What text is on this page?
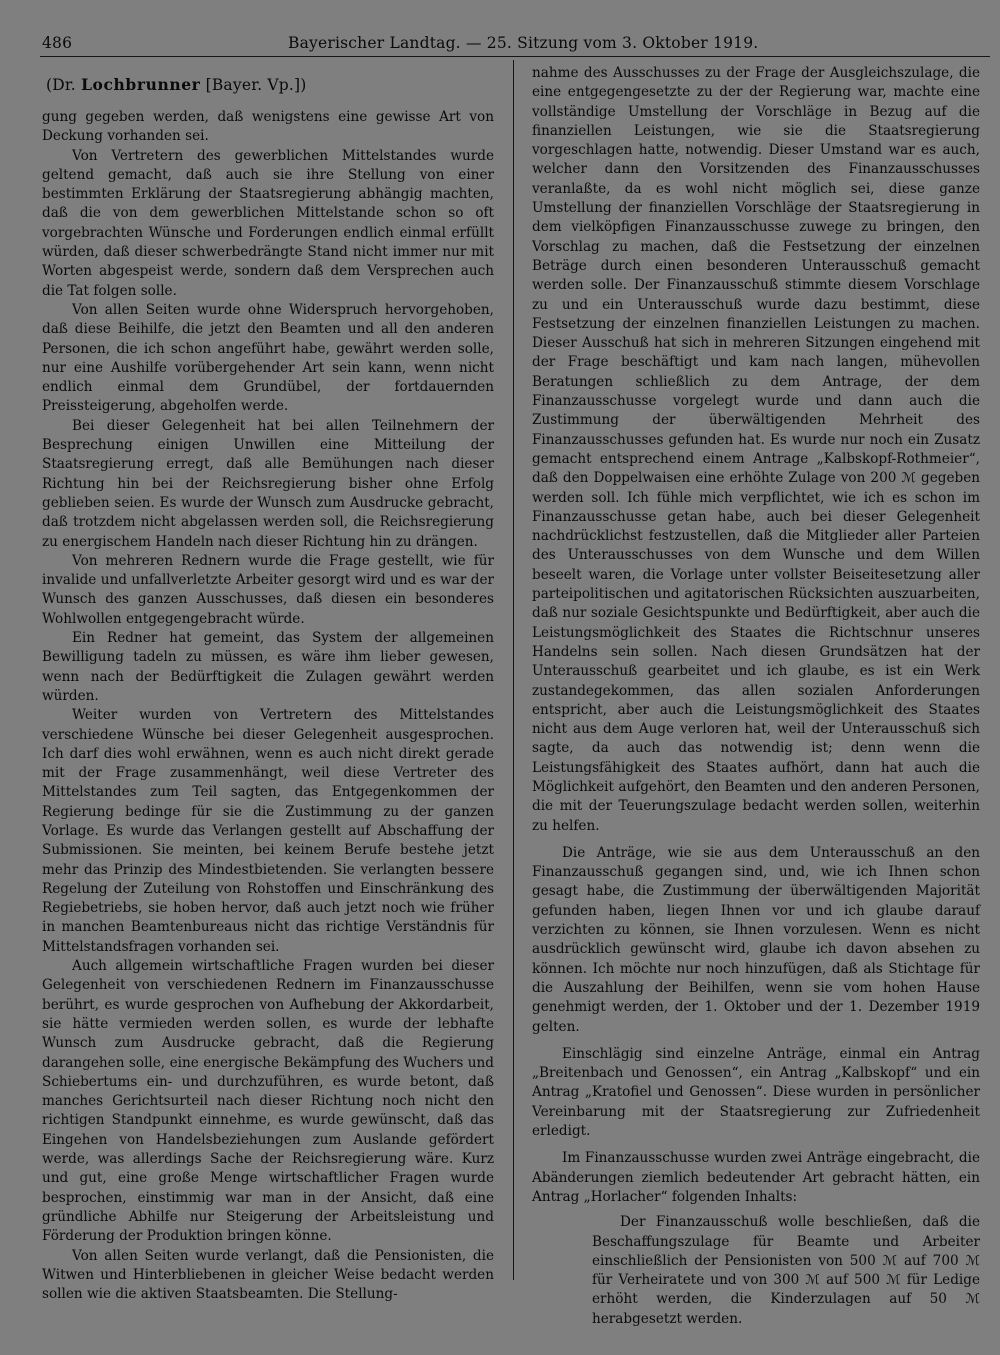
486	Bayerischer Landtag. — 25. Sitzung vom 3. Oktober 1919.
(Dr. Lochbrunner [Bayer. Vp.])

gung gegeben werden, daß wenigstens eine gewisse Art von Deckung vorhanden sei.

Von Vertretern des gewerblichen Mittelstandes wurde geltend gemacht, daß auch sie ihre Stellung von einer bestimmten Erklärung der Staatsregierung abhängig machten, daß die von dem gewerblichen Mittelstande schon so oft vorgebrachten Wünsche und Forderungen endlich einmal erfüllt würden, daß dieser schwerbedrängte Stand nicht immer nur mit Worten abgespeist werde, sondern daß dem Versprechen auch die Tat folgen solle.

Von allen Seiten wurde ohne Widerspruch hervorgehoben, daß diese Beihilfe, die jetzt den Beamten und all den anderen Personen, die ich schon angeführt habe, gewährt werden solle, nur eine Aushilfe vorübergehender Art sein kann, wenn nicht endlich einmal dem Grundübel, der fortdauernden Preissteigerung, abgeholfen werde.

Bei dieser Gelegenheit hat bei allen Teilnehmern der Besprechung einigen Unwillen eine Mitteilung der Staatsregierung erregt, daß alle Bemühungen nach dieser Richtung hin bei der Reichsregierung bisher ohne Erfolg geblieben seien. Es wurde der Wunsch zum Ausdrucke gebracht, daß trotzdem nicht abgelassen werden soll, die Reichsregierung zu energischem Handeln nach dieser Richtung hin zu drängen.

Von mehreren Rednern wurde die Frage gestellt, wie für invalide und unfallverletzte Arbeiter gesorgt wird und es war der Wunsch des ganzen Ausschusses, daß diesen ein besonderes Wohlwollen entgegengebracht würde.

Ein Redner hat gemeint, das System der allgemeinen Bewilligung tadeln zu müssen, es wäre ihm lieber gewesen, wenn nach der Bedürftigkeit die Zulagen gewährt werden würden.

Weiter wurden von Vertretern des Mittelstandes verschiedene Wünsche bei dieser Gelegenheit ausgesprochen. Ich darf dies wohl erwähnen, wenn es auch nicht direkt gerade mit der Frage zusammenhängt, weil diese Vertreter des Mittelstandes zum Teil sagten, das Entgegenkommen der Regierung bedinge für sie die Zustimmung zu der ganzen Vorlage. Es wurde das Verlangen gestellt auf Abschaffung der Submissionen. Sie meinten, bei keinem Berufe bestehe jetzt mehr das Prinzip des Mindestbietenden. Sie verlangten bessere Regelung der Zuteilung von Rohstoffen und Einschränkung des Regiebetriebs, sie hoben hervor, daß auch jetzt noch wie früher in manchen Beamtenbureaus nicht das richtige Verständnis für Mittelstandsfragen vorhanden sei.

Auch allgemein wirtschaftliche Fragen wurden bei dieser Gelegenheit von verschiedenen Rednern im Finanzausschusse berührt, es wurde gesprochen von Aufhebung der Akkordarbeit, sie hätte vermieden werden sollen, es wurde der lebhafte Wunsch zum Ausdrucke gebracht, daß die Regierung darangehen solle, eine energische Bekämpfung des Wuchers und Schiebertums ein- und durchzuführen, es wurde betont, daß manches Gerichtsurteil nach dieser Richtung noch nicht den richtigen Standpunkt einnehme, es wurde gewünscht, daß das Eingehen von Handelsbeziehungen zum Auslande gefördert werde, was allerdings Sache der Reichsregierung wäre. Kurz und gut, eine große Menge wirtschaftlicher Fragen wurde besprochen, einstimmig war man in der Ansicht, daß eine gründliche Abhilfe nur Steigerung der Arbeitsleistung und Förderung der Produktion bringen könne.

Von allen Seiten wurde verlangt, daß die Pensionisten, die Witwen und Hinterbliebenen in gleicher Weise bedacht werden sollen wie die aktiven Staatsbeamten. Die Stellung-

nahme des Ausschusses zu der Frage der Ausgleichszulage, die eine entgegengesetzte zu der der Regierung war, machte eine vollständige Umstellung der Vorschläge in Bezug auf die finanziellen Leistungen, wie sie die Staatsregierung vorgeschlagen hatte, notwendig. Dieser Umstand war es auch, welcher dann den Vorsitzenden des Finanzausschusses veranlaßte, da es wohl nicht möglich sei, diese ganze Umstellung der finanziellen Vorschläge der Staatsregierung in dem vielköpfigen Finanzausschusse zuwege zu bringen, den Vorschlag zu machen, daß die Festsetzung der einzelnen Beträge durch einen besonderen Unterausschuß gemacht werden solle. Der Finanzausschuß stimmte diesem Vorschlage zu und ein Unterausschuß wurde dazu bestimmt, diese Festsetzung der einzelnen finanziellen Leistungen zu machen. Dieser Ausschuß hat sich in mehreren Sitzungen eingehend mit der Frage beschäftigt und kam nach langen, mühevollen Beratungen schließlich zu dem Antrage, der dem Finanzausschusse vorgelegt wurde und dann auch die Zustimmung der überwältigenden Mehrheit des Finanzausschusses gefunden hat. Es wurde nur noch ein Zusatz gemacht entsprechend einem Antrage „Kalbskopf-Rothmeier“, daß den Doppelwaisen eine erhöhte Zulage von 200 ℳ gegeben werden soll. Ich fühle mich verpflichtet, wie ich es schon im Finanzausschusse getan habe, auch bei dieser Gelegenheit nachdrücklichst festzustellen, daß die Mitglieder aller Parteien des Unterausschusses von dem Wunsche und dem Willen beseelt waren, die Vorlage unter vollster Beiseitesetzung aller parteipolitischen und agitatorischen Rücksichten auszuarbeiten, daß nur soziale Gesichtspunkte und Bedürftigkeit, aber auch die Leistungsmöglichkeit des Staates die Richtschnur unseres Handelns sein sollen. Nach diesen Grundsätzen hat der Unterausschuß gearbeitet und ich glaube, es ist ein Werk zustandegekommen, das allen sozialen Anforderungen entspricht, aber auch die Leistungsmöglichkeit des Staates nicht aus dem Auge verloren hat, weil der Unterausschuß sich sagte, da auch das notwendig ist; denn wenn die Leistungsfähigkeit des Staates aufhört, dann hat auch die Möglichkeit aufgehört, den Beamten und den anderen Personen, die mit der Teuerungszulage bedacht werden sollen, weiterhin zu helfen.

Die Anträge, wie sie aus dem Unterausschuß an den Finanzausschuß gegangen sind, und, wie ich Ihnen schon gesagt habe, die Zustimmung der überwältigenden Majorität gefunden haben, liegen Ihnen vor und ich glaube darauf verzichten zu können, sie Ihnen vorzulesen. Wenn es nicht ausdrücklich gewünscht wird, glaube ich davon absehen zu können. Ich möchte nur noch hinzufügen, daß als Stichtage für die Auszahlung der Beihilfen, wenn sie vom hohen Hause genehmigt werden, der 1. Oktober und der 1. Dezember 1919 gelten.

Einschlägig sind einzelne Anträge, einmal ein Antrag „Breitenbach und Genossen“, ein Antrag „Kalbskopf“ und ein Antrag „Kratofiel und Genossen“. Diese wurden in persönlicher Vereinbarung mit der Staatsregierung zur Zufriedenheit erledigt.

Im Finanzausschusse wurden zwei Anträge eingebracht, die Abänderungen ziemlich bedeutender Art gebracht hätten, ein Antrag „Horlacher“ folgenden Inhalts:

Der Finanzausschuß wolle beschließen, daß die Beschaffungszulage für Beamte und Arbeiter einschließlich der Pensionisten von 500 ℳ auf 700 ℳ für Verheiratete und von 300 ℳ auf 500 ℳ für Ledige erhöht werden, die Kinderzulagen auf 50 ℳ herabgesetzt werden.
